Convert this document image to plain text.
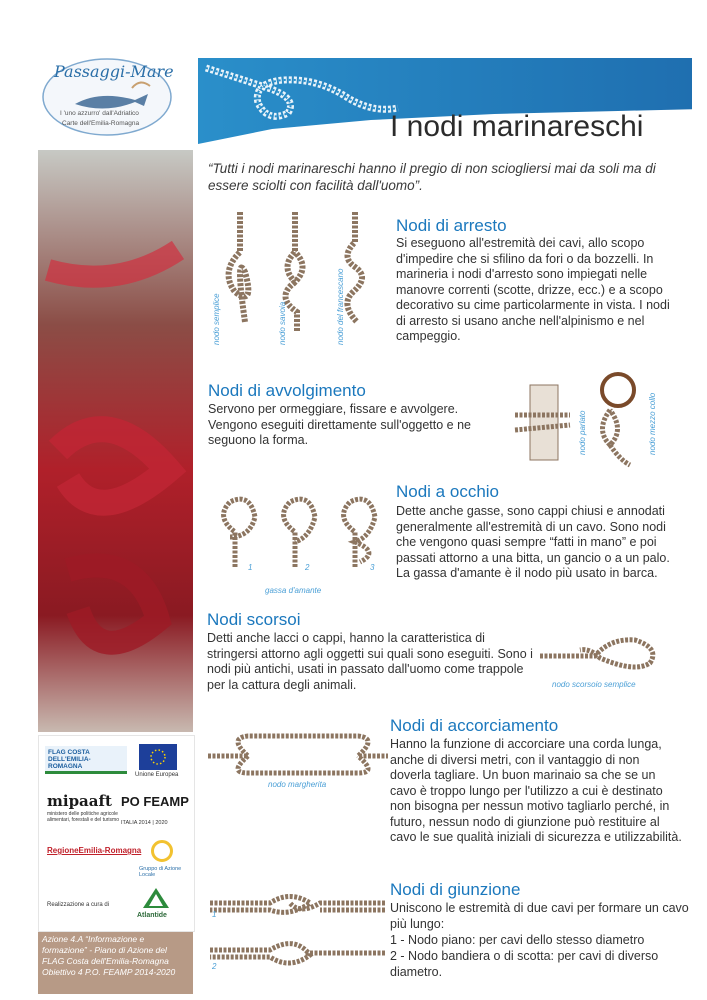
Passaggi-Mare
I 'uno azzurro' dall'Adriatico
Carte dell'Emilia-Romagna	I nodi marinareschi
FLAG COSTA DELL'EMILIA-ROMAGNA
Unione Europea
mipaaft
ministero delle politiche agricole alimentari, forestali e del turismo
PO FEAMP
ITALIA 2014 | 2020
RegioneEmilia-Romagna
Gruppo di Azione Locale
Realizzazione a cura di
Atlantide
Azione 4.A “Informazione e formazione” - Piano di Azione del FLAG Costa dell'Emilia-Romagna Obiettivo 4 P.O. FEAMP 2014-2020
“Tutti i nodi marinareschi hanno il pregio di non sciogliersi mai da soli ma di essere sciolti con facilità dall'uomo”.
nodo semplice	nodo savoia	nodo del francescano
Nodi di arresto
Si eseguono all'estremità dei cavi, allo scopo d'impedire che si sfilino da fori o da bozzelli. In marineria i nodi d'arresto sono impiegati nelle manovre correnti (scotte, drizze, ecc.) e a scopo decorativo su cime particolarmente in vista. I nodi di arresto si usano anche nell'alpinismo e nel campeggio.
Nodi di avvolgimento
Servono per ormeggiare, fissare e avvolgere. Vengono eseguiti direttamente sull'oggetto e ne seguono la forma.	nodo parlato	nodo mezzo collo
1	2	3
gassa d'amante
Nodi a occhio
Dette anche gasse, sono cappi chiusi e annodati generalmente all'estremità di un cavo. Sono nodi che vengono quasi sempre “fatti in mano” e poi passati attorno a una bitta, un gancio o a un palo. La gassa d'amante è il nodo più usato in barca.
Nodi scorsoi
Detti anche lacci o cappi, hanno la caratteristica di stringersi attorno agli oggetti sui quali sono eseguiti. Sono i nodi più antichi, usati in passato dall'uomo come trappole per la cattura degli animali.	nodo scorsoio semplice
nodo margherita
Nodi di accorciamento
Hanno la funzione di accorciare una corda lunga, anche di diversi metri, con il vantaggio di non doverla tagliare. Un buon marinaio sa che se un cavo è troppo lungo per l'utilizzo a cui è destinato non bisogna per nessun motivo tagliarlo perché, in futuro, nessun nodo di giunzione può restituire al cavo le sue qualità iniziali di sicurezza e utilizzabilità.
1
2
Nodi di giunzione
Uniscono le estremità di due cavi per formare un cavo più lungo:
1 - Nodo piano: per cavi dello stesso diametro
2 - Nodo bandiera o di scotta: per cavi di diverso diametro.
